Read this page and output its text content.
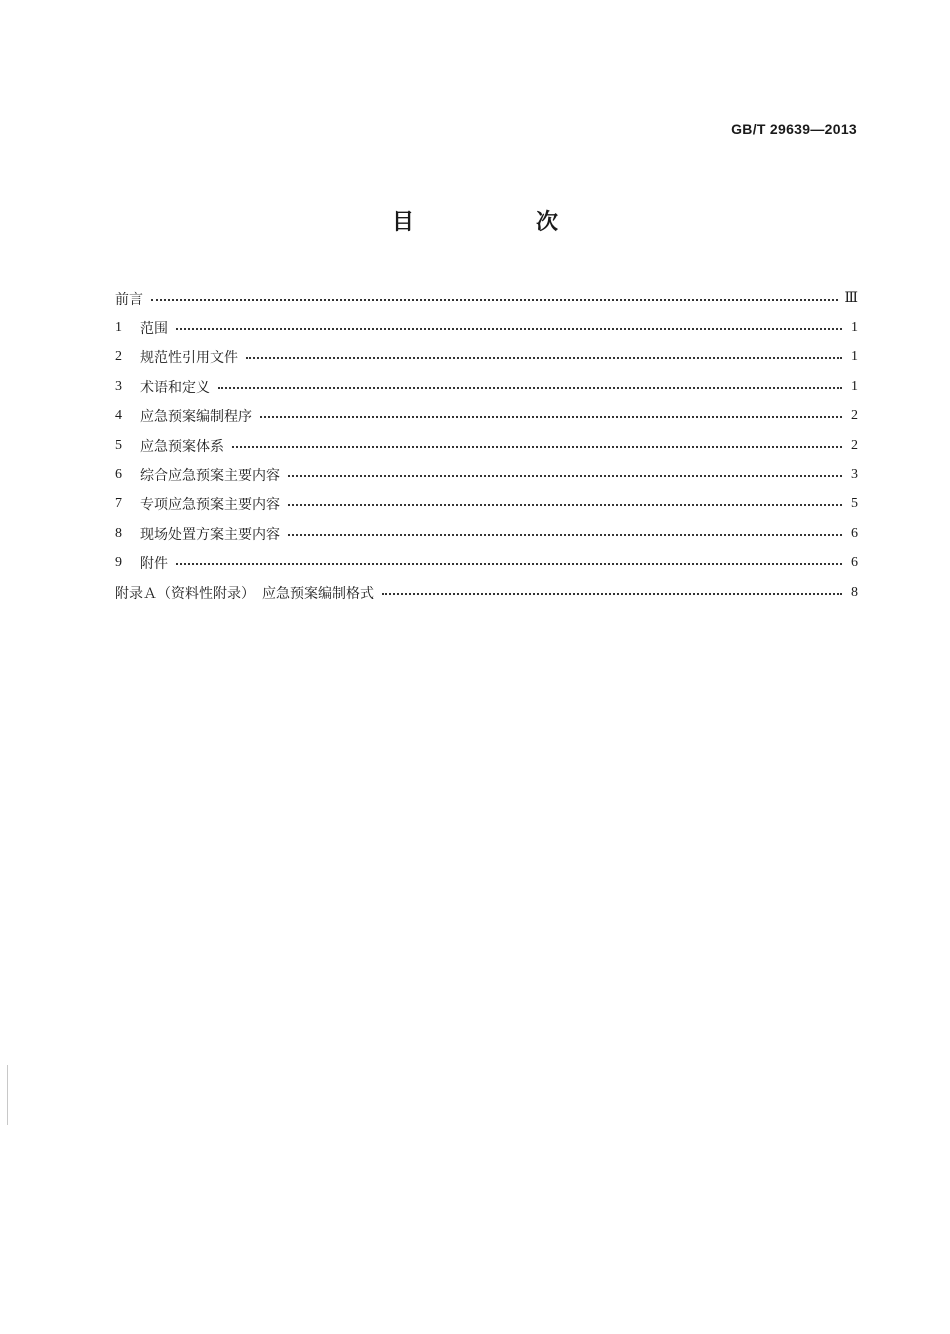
GB/T 29639—2013
目　次
前言	Ⅲ
1	范围	1
2	规范性引用文件	1
3	术语和定义	1
4	应急预案编制程序	2
5	应急预案体系	2
6	综合应急预案主要内容	3
7	专项应急预案主要内容	5
8	现场处置方案主要内容	6
9	附件	6
附录Ａ（资料性附录）　应急预案编制格式	8
